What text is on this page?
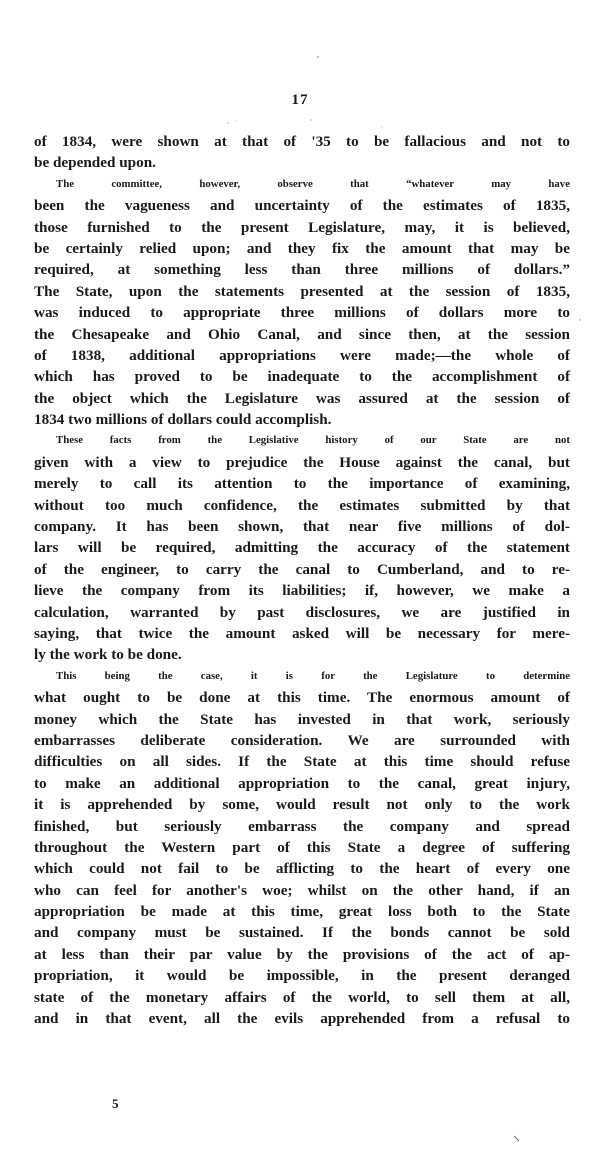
17
of 1834, were shown at that of '35 to be fallacious and not to
be depended upon.
The committee, however, observe that “whatever may have
been the vagueness and uncertainty of the estimates of 1835,
those furnished to the present Legislature, may, it is believed,
be certainly relied upon; and they fix the amount that may be
required, at something less than three millions of dollars.”
The State, upon the statements presented at the session of 1835,
was induced to appropriate three millions of dollars more to
the Chesapeake and Ohio Canal, and since then, at the session
of 1838, additional appropriations were made;—the whole of
which has proved to be inadequate to the accomplishment of
the object which the Legislature was assured at the session of
1834 two millions of dollars could accomplish.
These facts from the Legislative history of our State are not
given with a view to prejudice the House against the canal, but
merely to call its attention to the importance of examining,
without too much confidence, the estimates submitted by that
company. It has been shown, that near five millions of dol-
lars will be required, admitting the accuracy of the statement
of the engineer, to carry the canal to Cumberland, and to re-
lieve the company from its liabilities; if, however, we make a
calculation, warranted by past disclosures, we are justified in
saying, that twice the amount asked will be necessary for mere-
ly the work to be done.
This being the case, it is for the Legislature to determine
what ought to be done at this time. The enormous amount of
money which the State has invested in that work, seriously
embarrasses deliberate consideration. We are surrounded with
difficulties on all sides. If the State at this time should refuse
to make an additional appropriation to the canal, great injury,
it is apprehended by some, would result not only to the work
finished, but seriously embarrass the company and spread
throughout the Western part of this State a degree of suffering
which could not fail to be afflicting to the heart of every one
who can feel for another's woe; whilst on the other hand, if an
appropriation be made at this time, great loss both to the State
and company must be sustained. If the bonds cannot be sold
at less than their par value by the provisions of the act of ap-
propriation, it would be impossible, in the present deranged
state of the monetary affairs of the world, to sell them at all,
and in that event, all the evils apprehended from a refusal to
5
